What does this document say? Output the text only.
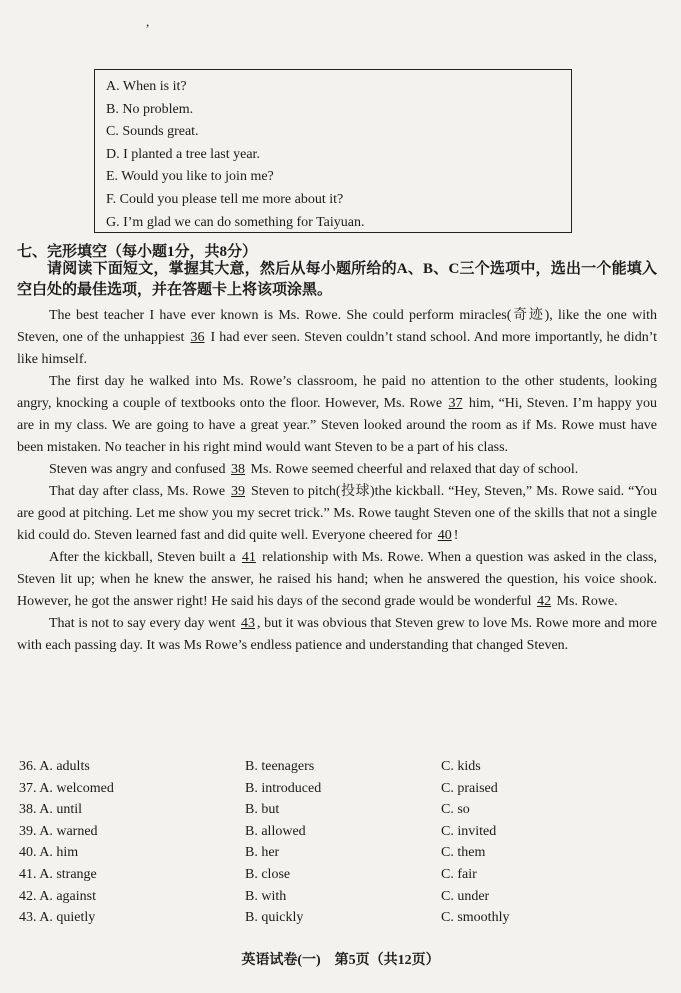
,
A. When is it?
B. No problem.
C. Sounds great.
D. I planted a tree last year.
E. Would you like to join me?
F. Could you please tell me more about it?
G. I’m glad we can do something for Taiyuan.
七、完形填空（每小题1分，共8分）
请阅读下面短文，掌握其大意，然后从每小题所给的A、B、C三个选项中，选出一个能填入空白处的最佳选项，并在答题卡上将该项涂黑。

The best teacher I have ever known is Ms. Rowe. She could perform miracles(奇迹), like the one with Steven, one of the unhappiest 36 I had ever seen. Steven couldn’t stand school. And more importantly, he didn’t like himself.

The first day he walked into Ms. Rowe’s classroom, he paid no attention to the other students, looking angry, knocking a couple of textbooks onto the floor. However, Ms. Rowe 37 him, “Hi, Steven. I’m happy you are in my class. We are going to have a great year.” Steven looked around the room as if Ms. Rowe must have been mistaken. No teacher in his right mind would want Steven to be a part of his class.

Steven was angry and confused 38 Ms. Rowe seemed cheerful and relaxed that day of school.

That day after class, Ms. Rowe 39 Steven to pitch(投球)the kickball. “Hey, Steven,” Ms. Rowe said. “You are good at pitching. Let me show you my secret trick.” Ms. Rowe taught Steven one of the skills that not a single kid could do. Steven learned fast and did quite well. Everyone cheered for 40 !

After the kickball, Steven built a 41 relationship with Ms. Rowe. When a question was asked in the class, Steven lit up; when he knew the answer, he raised his hand; when he answered the question, his voice shook. However, he got the answer right! He said his days of the second grade would be wonderful 42 Ms. Rowe.

That is not to say every day went 43 , but it was obvious that Steven grew to love Ms. Rowe more and more with each passing day. It was Ms Rowe’s endless patience and understanding that changed Steven.

36. A. adults	B. teenagers	C. kids
37. A. welcomed	B. introduced	C. praised
38. A. until	B. but	C. so
39. A. warned	B. allowed	C. invited
40. A. him	B. her	C. them
41. A. strange	B. close	C. fair
42. A. against	B. with	C. under
43. A. quietly	B. quickly	C. smoothly
英语试卷(一)　第5页（共12页）
